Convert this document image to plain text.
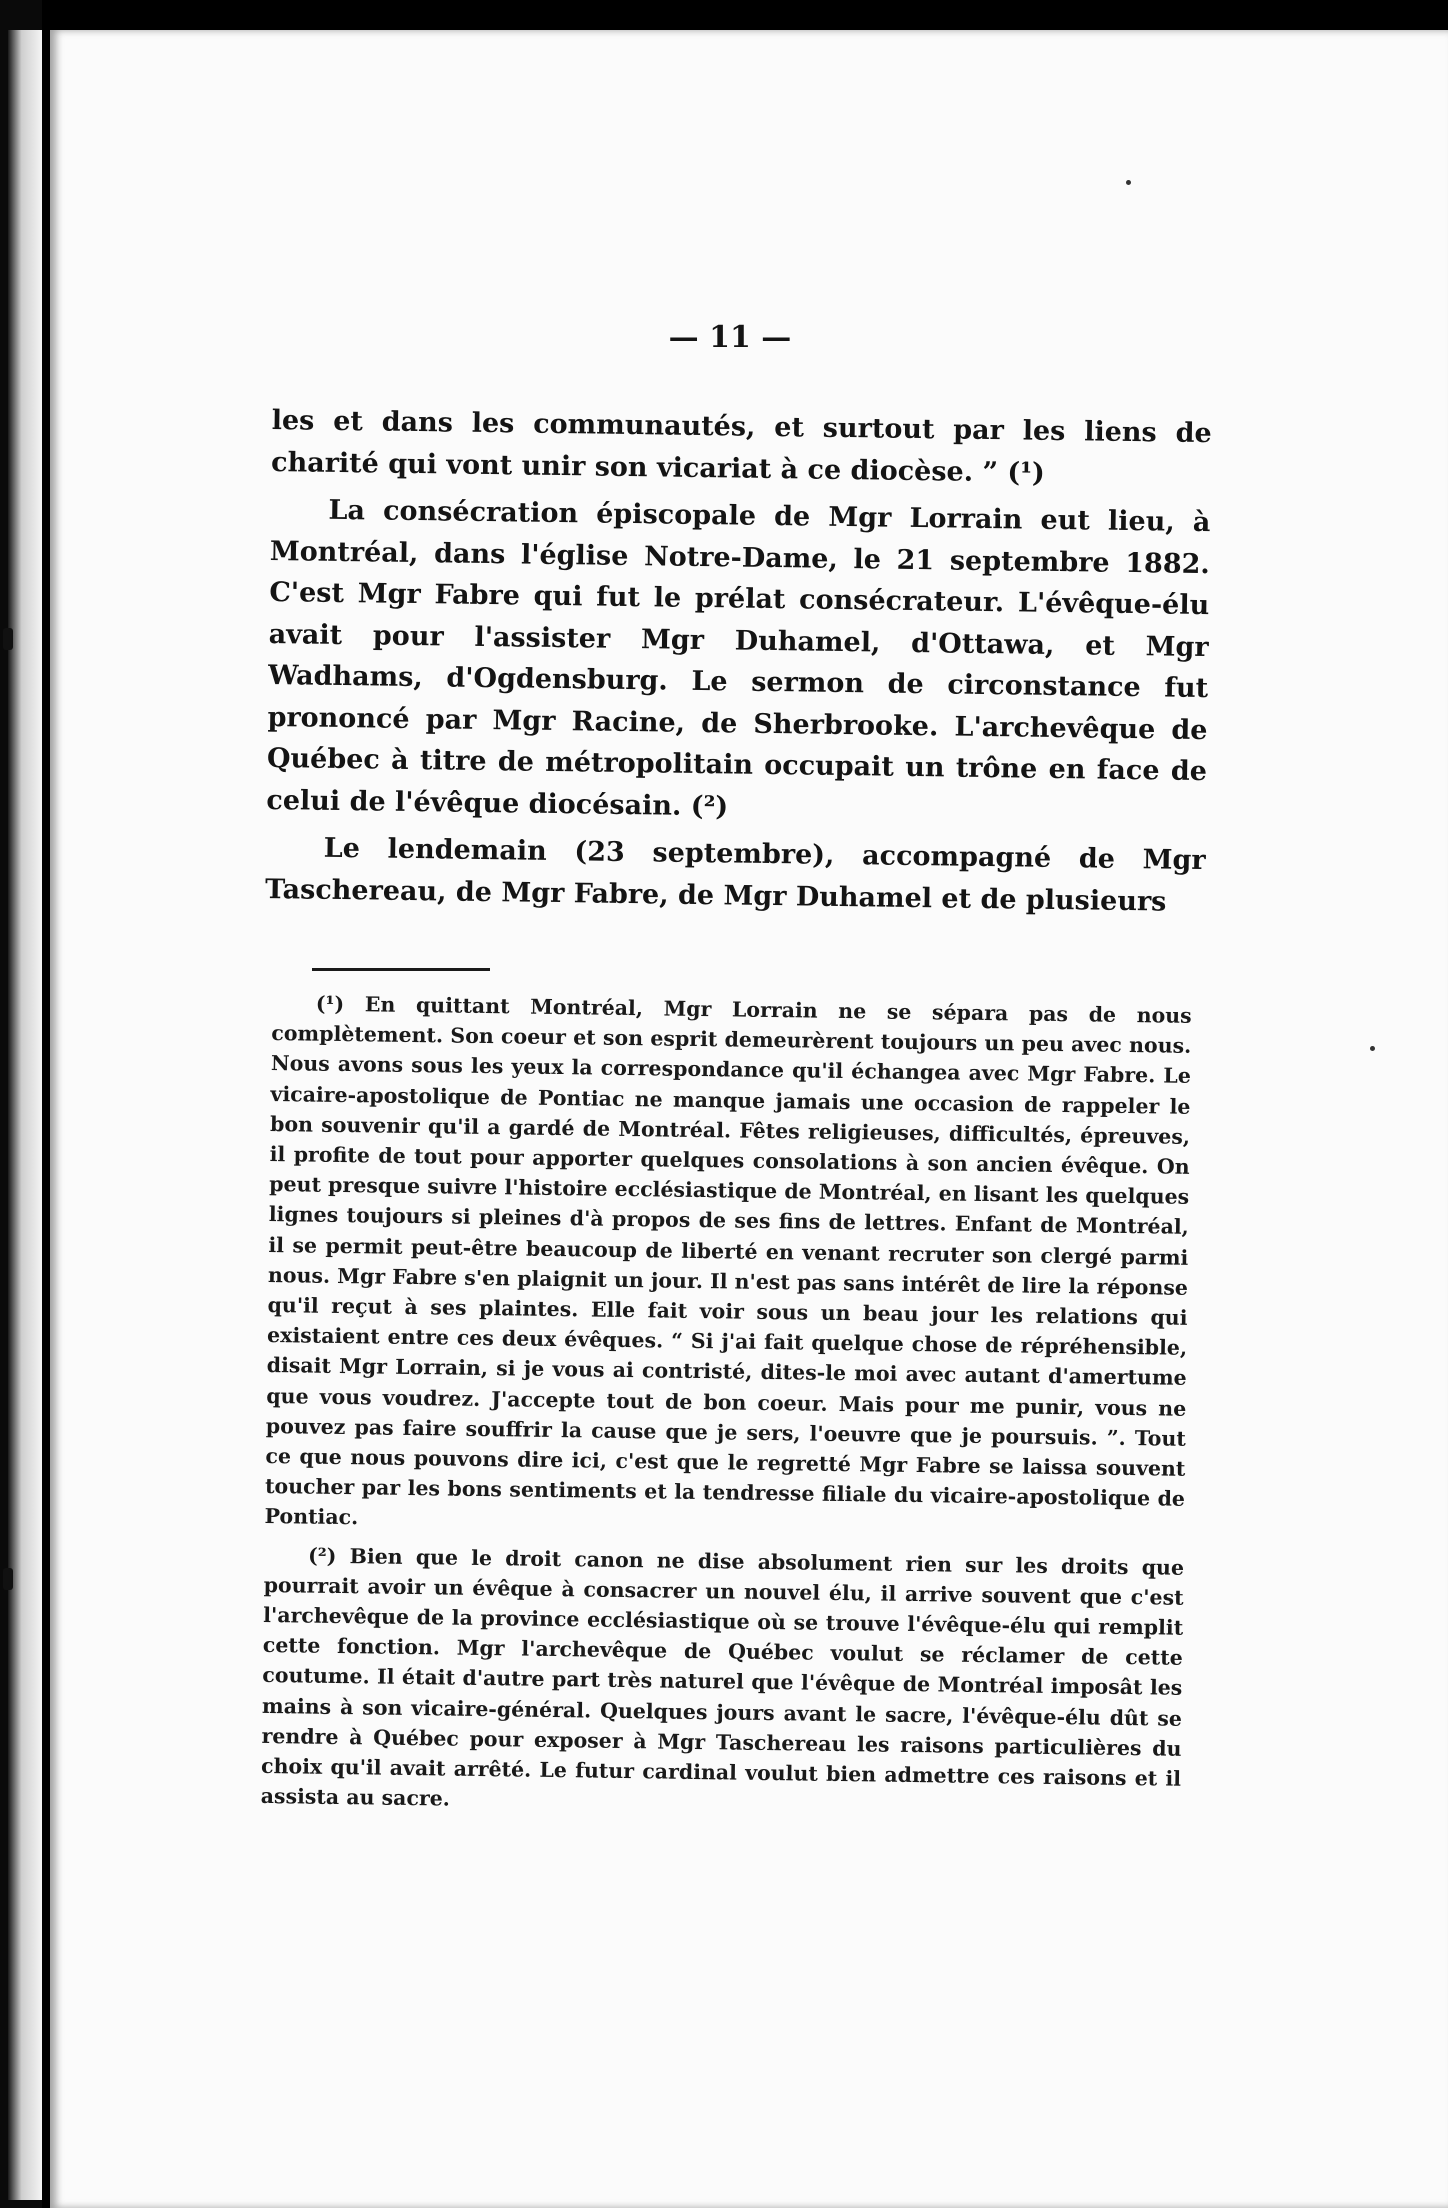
— 11 —

les et dans les communautés, et surtout par les liens de charité qui vont unir son vicariat à ce diocèse. ” (¹)

La consécration épiscopale de Mgr Lorrain eut lieu, à Montréal, dans l'église Notre-Dame, le 21 septembre 1882. C'est Mgr Fabre qui fut le prélat consécrateur. L'évêque-élu avait pour l'assister Mgr Duhamel, d'Ottawa, et Mgr Wadhams, d'Ogdensburg. Le sermon de circonstance fut prononcé par Mgr Racine, de Sherbrooke. L'archevêque de Québec à titre de métropolitain occupait un trône en face de celui de l'évêque diocésain. (²)

Le lendemain (23 septembre), accompagné de Mgr Taschereau, de Mgr Fabre, de Mgr Duhamel et de plusieurs

(¹) En quittant Montréal, Mgr Lorrain ne se sépara pas de nous complètement. Son coeur et son esprit demeurèrent toujours un peu avec nous. Nous avons sous les yeux la correspondance qu'il échangea avec Mgr Fabre. Le vicaire-apostolique de Pontiac ne manque jamais une occasion de rappeler le bon souvenir qu'il a gardé de Montréal. Fêtes religieuses, difficultés, épreuves, il profite de tout pour apporter quelques consolations à son ancien évêque. On peut presque suivre l'histoire ecclésiastique de Montréal, en lisant les quelques lignes toujours si pleines d'à propos de ses fins de lettres. Enfant de Montréal, il se permit peut-être beaucoup de liberté en venant recruter son clergé parmi nous. Mgr Fabre s'en plaignit un jour. Il n'est pas sans intérêt de lire la réponse qu'il reçut à ses plaintes. Elle fait voir sous un beau jour les relations qui existaient entre ces deux évêques. “ Si j'ai fait quelque chose de répréhensible, disait Mgr Lorrain, si je vous ai contristé, dites-le moi avec autant d'amertume que vous voudrez. J'accepte tout de bon coeur. Mais pour me punir, vous ne pouvez pas faire souffrir la cause que je sers, l'oeuvre que je poursuis. ”. Tout ce que nous pouvons dire ici, c'est que le regretté Mgr Fabre se laissa souvent toucher par les bons sentiments et la tendresse filiale du vicaire-apostolique de Pontiac.

(²) Bien que le droit canon ne dise absolument rien sur les droits que pourrait avoir un évêque à consacrer un nouvel élu, il arrive souvent que c'est l'archevêque de la province ecclésiastique où se trouve l'évêque-élu qui remplit cette fonction. Mgr l'archevêque de Québec voulut se réclamer de cette coutume. Il était d'autre part très naturel que l'évêque de Montréal imposât les mains à son vicaire-général. Quelques jours avant le sacre, l'évêque-élu dût se rendre à Québec pour exposer à Mgr Taschereau les raisons particulières du choix qu'il avait arrêté. Le futur cardinal voulut bien admettre ces raisons et il assista au sacre.
